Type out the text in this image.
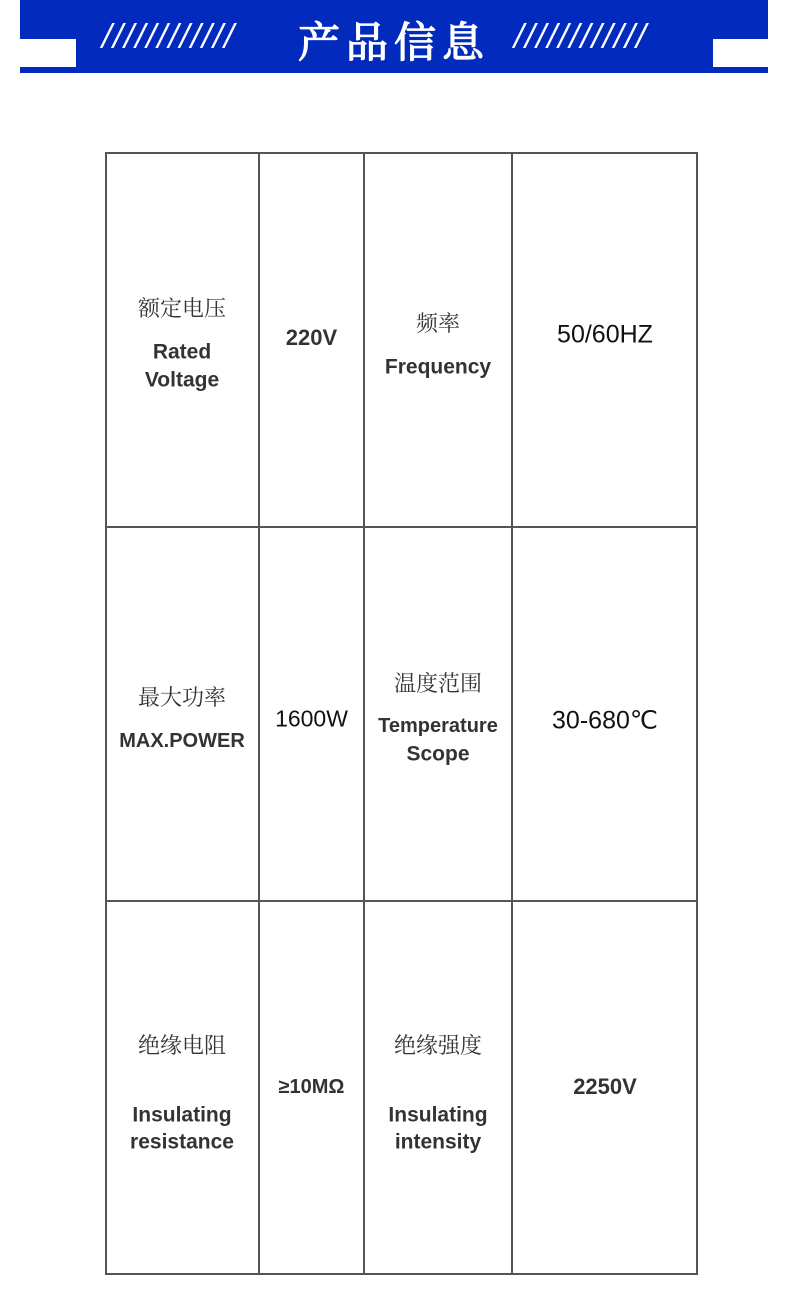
////////////	产品信息 ////////////
额定电压
Rated
Voltage
220V
频率
Frequency
50/60HZ
最大功率
MAX.POWER
1600W
温度范围
Temperature
Scope
30-680℃
绝缘电阻
Insulating
resistance
≥10MΩ
绝缘强度
Insulating
intensity
2250V
